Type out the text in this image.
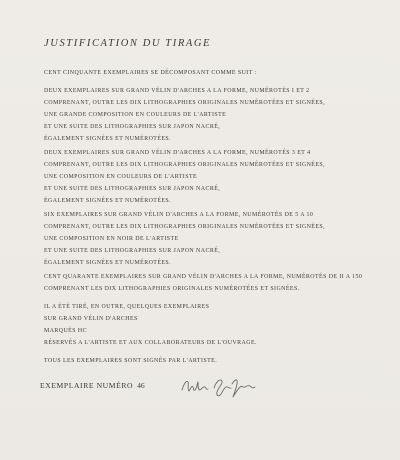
JUSTIFICATION DU TIRAGE
CENT CINQUANTE EXEMPLAIRES SE DÉCOMPOSANT COMME SUIT :
DEUX EXEMPLAIRES SUR GRAND VÉLIN D'ARCHES A LA FORME, NUMÉROTÉS I ET 2
COMPRENANT, OUTRE LES DIX LITHOGRAPHIES ORIGINALES NUMÉROTÉES ET SIGNÉES,
UNE GRANDE COMPOSITION EN COULEURS DE L'ARTISTE
ET UNE SUITE DES LITHOGRAPHIES SUR JAPON NACRÉ,
ÉGALEMENT SIGNÉES ET NUMÉROTÉES.
DEUX EXEMPLAIRES SUR GRAND VÉLIN D'ARCHES A LA FORME, NUMÉROTÉS 3 ET 4
COMPRENANT, OUTRE LES DIX LITHOGRAPHIES ORIGINALES NUMÉROTÉES ET SIGNÉES,
UNE COMPOSITION EN COULEURS DE L'ARTISTE
ET UNE SUITE DES LITHOGRAPHIES SUR JAPON NACRÉ,
ÉGALEMENT SIGNÉES ET NUMÉROTÉES.
SIX EXEMPLAIRES SUR GRAND VÉLIN D'ARCHES A LA FORME, NUMÉROTÉS DE 5 A 10
COMPRENANT, OUTRE LES DIX LITHOGRAPHIES ORIGINALES NUMÉROTÉES ET SIGNÉES,
UNE COMPOSITION EN NOIR DE L'ARTISTE
ET UNE SUITE DES LITHOGRAPHIES SUR JAPON NACRÉ,
ÉGALEMENT SIGNÉES ET NUMÉROTÉES.
CENT QUARANTE EXEMPLAIRES SUR GRAND VÉLIN D'ARCHES A LA FORME, NUMÉROTÉS DE II A 150
COMPRENANT LES DIX LITHOGRAPHIES ORIGINALES NUMÉROTÉES ET SIGNÉES.
IL A ÉTÉ TIRÉ, EN OUTRE, QUELQUES EXEMPLAIRES
SUR GRAND VÉLIN D'ARCHES
MARQUÉS HC
RÉSERVÉS A L'ARTISTE ET AUX COLLABORATEURS DE L'OUVRAGE.
TOUS LES EXEMPLAIRES SONT SIGNÉS PAR L'ARTISTE.
EXEMPLAIRE NUMÉRO 46
